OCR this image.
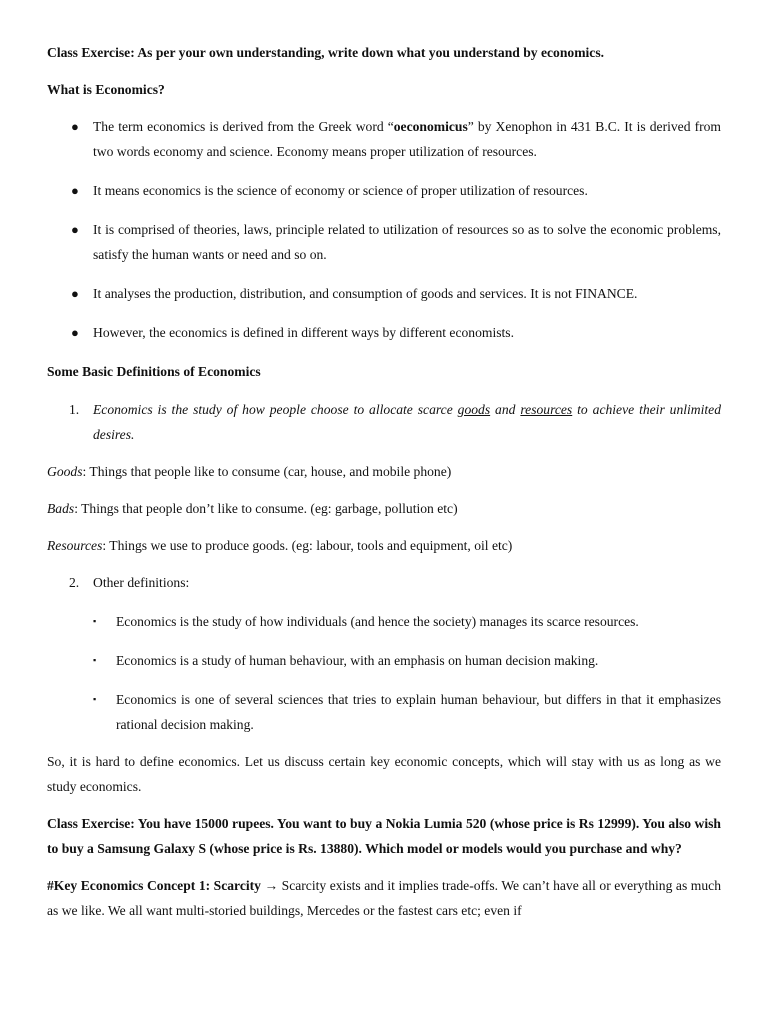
Class Exercise: As per your own understanding, write down what you understand by economics.

What is Economics?

● The term economics is derived from the Greek word “oeconomicus” by Xenophon in 431 B.C. It is derived from two words economy and science. Economy means proper utilization of resources.
● It means economics is the science of economy or science of proper utilization of resources.
● It is comprised of theories, laws, principle related to utilization of resources so as to solve the economic problems, satisfy the human wants or need and so on.
● It analyses the production, distribution, and consumption of goods and services. It is not FINANCE.
● However, the economics is defined in different ways by different economists.

Some Basic Definitions of Economics

1. Economics is the study of how people choose to allocate scarce goods and resources to achieve their unlimited desires.

Goods: Things that people like to consume (car, house, and mobile phone)

Bads: Things that people don’t like to consume. (eg: garbage, pollution etc)

Resources: Things we use to produce goods. (eg: labour, tools and equipment, oil etc)

2. Other definitions:
▪ Economics is the study of how individuals (and hence the society) manages its scarce resources.
▪ Economics is a study of human behaviour, with an emphasis on human decision making.
▪ Economics is one of several sciences that tries to explain human behaviour, but differs in that it emphasizes rational decision making.

So, it is hard to define economics. Let us discuss certain key economic concepts, which will stay with us as long as we study economics.

Class Exercise: You have 15000 rupees. You want to buy a Nokia Lumia 520 (whose price is Rs 12999). You also wish to buy a Samsung Galaxy S (whose price is Rs. 13880). Which model or models would you purchase and why?

#Key Economics Concept 1: Scarcity → Scarcity exists and it implies trade-offs. We can’t have all or everything as much as we like. We all want multi-storied buildings, Mercedes or the fastest cars etc; even if
